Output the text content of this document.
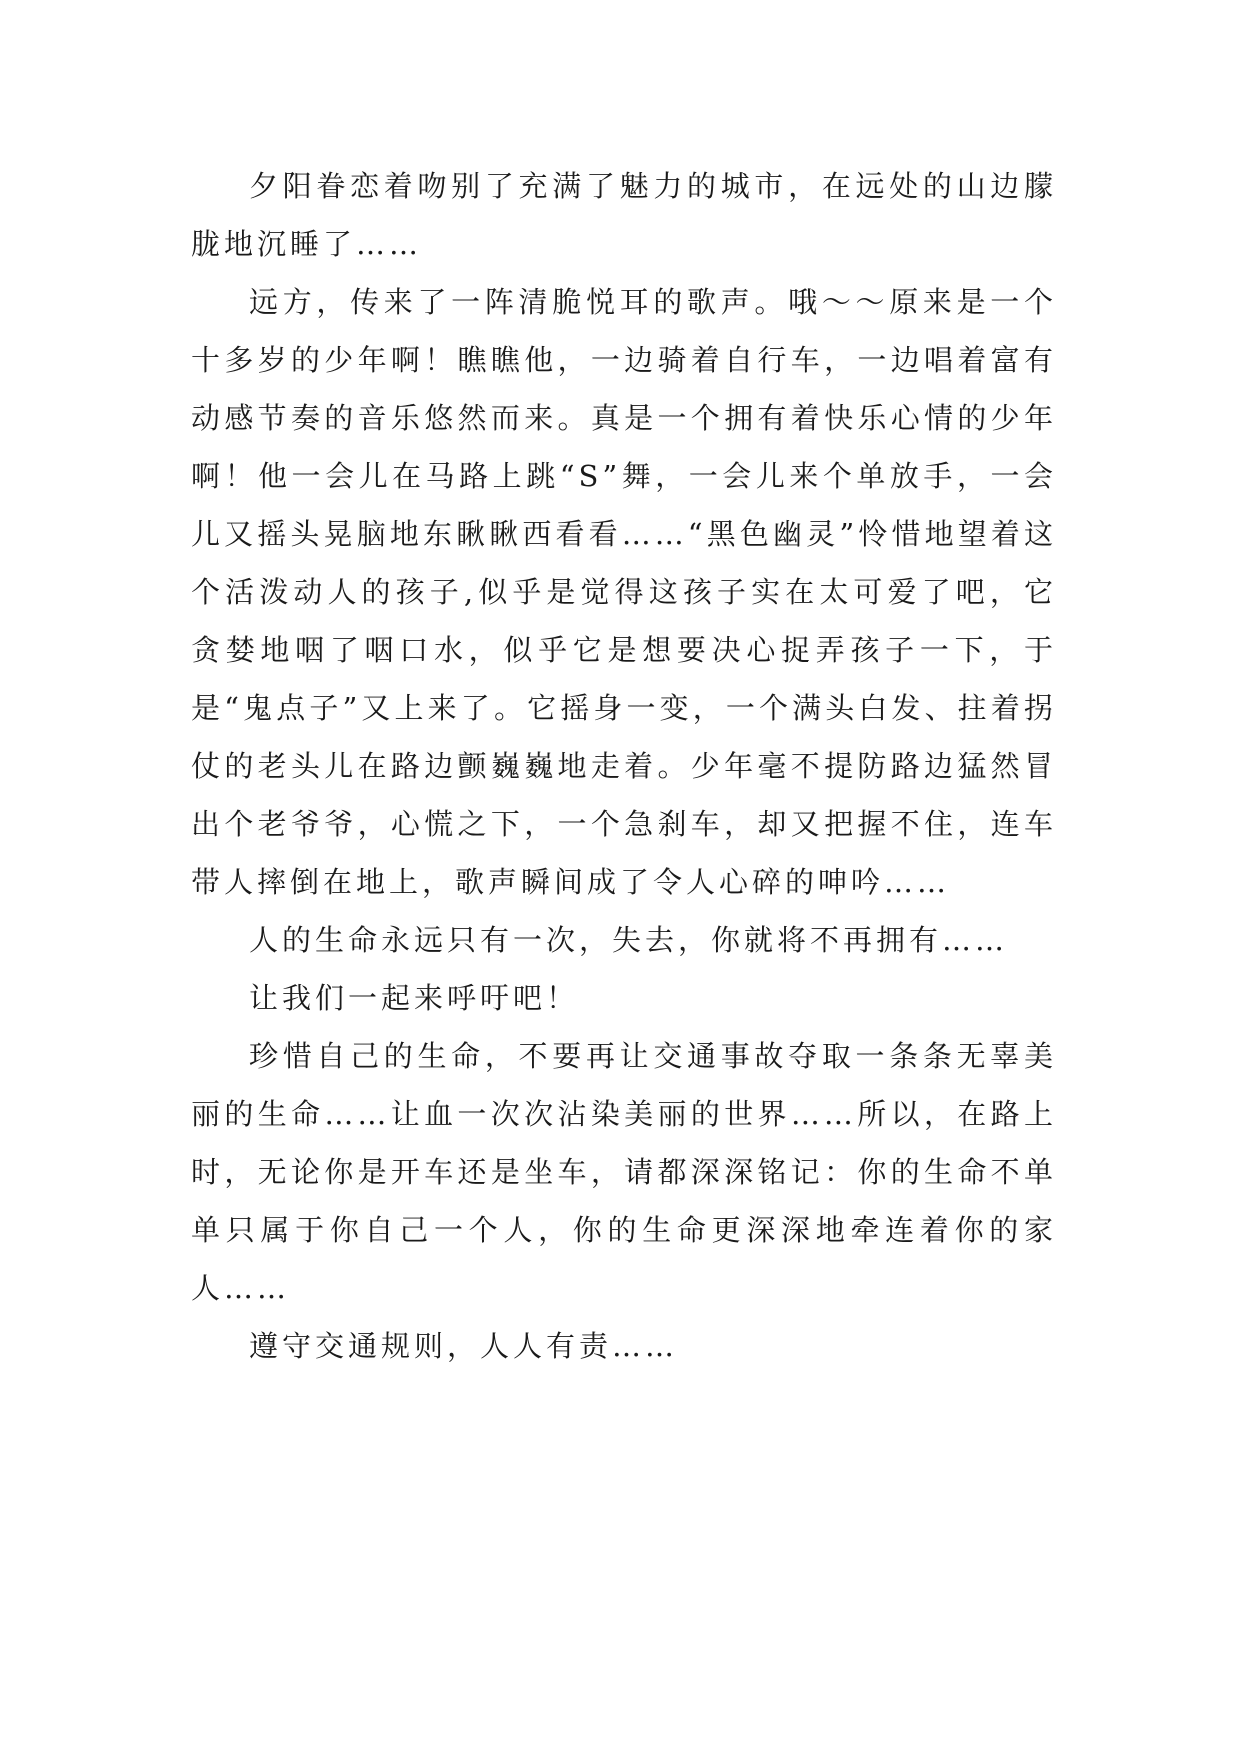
夕阳眷恋着吻别了充满了魅力的城市，在远处的山边朦胧地沉睡了……

远方，传来了一阵清脆悦耳的歌声。哦～～原来是一个十多岁的少年啊！瞧瞧他，一边骑着自行车，一边唱着富有动感节奏的音乐悠然而来。真是一个拥有着快乐心情的少年啊！他一会儿在马路上跳“S”舞，一会儿来个单放手，一会儿又摇头晃脑地东瞅瞅西看看……“黑色幽灵”怜惜地望着这个活泼动人的孩子,似乎是觉得这孩子实在太可爱了吧，它贪婪地咽了咽口水，似乎它是想要决心捉弄孩子一下，于是“鬼点子”又上来了。它摇身一变，一个满头白发、拄着拐仗的老头儿在路边颤巍巍地走着。少年毫不提防路边猛然冒出个老爷爷，心慌之下，一个急刹车，却又把握不住，连车带人摔倒在地上，歌声瞬间成了令人心碎的呻吟……

人的生命永远只有一次，失去，你就将不再拥有……

让我们一起来呼吁吧！

珍惜自己的生命，不要再让交通事故夺取一条条无辜美丽的生命……让血一次次沾染美丽的世界……所以，在路上时，无论你是开车还是坐车，请都深深铭记：你的生命不单单只属于你自己一个人，你的生命更深深地牵连着你的家人……

遵守交通规则，人人有责……
